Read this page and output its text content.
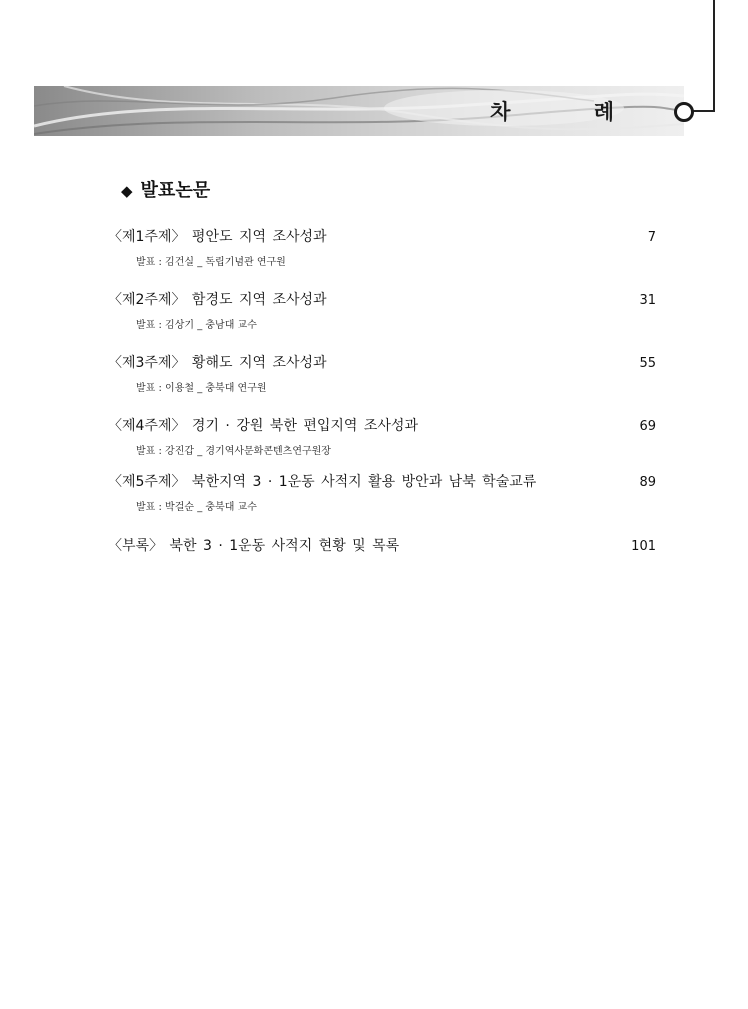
차 례
◆ 발표논문
〈제1주제〉 평안도 지역 조사성과	7
발표 : 김건실 _ 독립기념관 연구원
〈제2주제〉 함경도 지역 조사성과	31
발표 : 김상기 _ 충남대 교수
〈제3주제〉 황해도 지역 조사성과	55
발표 : 이용철 _ 충북대 연구원
〈제4주제〉 경기 · 강원 북한 편입지역 조사성과	69
발표 : 강진갑 _ 경기역사문화콘텐츠연구원장
〈제5주제〉 북한지역 3 · 1운동 사적지 활용 방안과 남북 학술교류	89
발표 : 박걸순 _ 충북대 교수
〈부록〉 북한 3 · 1운동 사적지 현황 및 목록	101
